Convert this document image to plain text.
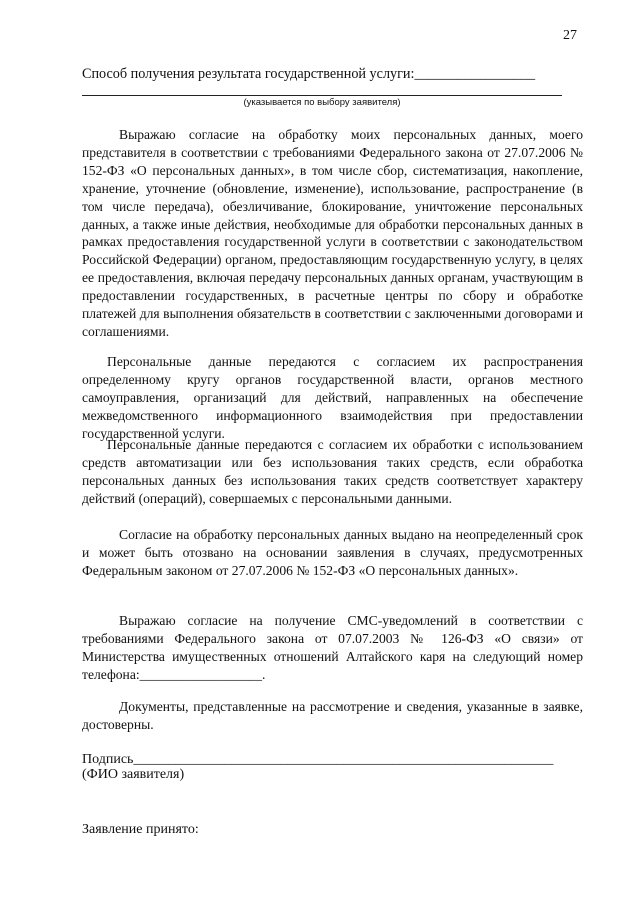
27
Способ получения результата государственной услуги:_________________
(указывается по выбору заявителя)

Выражаю согласие на обработку моих персональных данных, моего представителя в соответствии с требованиями Федерального закона от 27.07.2006 № 152-ФЗ «О персональных данных», в том числе сбор, систематизация, накопление, хранение, уточнение (обновление, изменение), использование, распространение (в том числе передача), обезличивание, блокирование, уничтожение персональных данных, а также иные действия, необходимые для обработки персональных данных в рамках предоставления государственной услуги в соответствии с законодательством Российской Федерации) органом, предоставляющим государственную услугу, в целях ее предоставления, включая передачу персональных данных органам, участвующим в предоставлении государственных, в расчетные центры по сбору и обработке платежей для выполнения обязательств в соответствии с заключенными договорами и соглашениями.

Персональные данные передаются с согласием их распространения определенному кругу органов государственной власти, органов местного самоуправления, организаций для действий, направленных на обеспечение межведомственного информационного взаимодействия при предоставлении государственной услуги.

Персональные данные передаются с согласием их обработки с использованием средств автоматизации или без использования таких средств, если обработка персональных данных без использования таких средств соответствует характеру действий (операций), совершаемых с персональными данными.

Согласие на обработку персональных данных выдано на неопределенный срок и может быть отозвано на основании заявления в случаях, предусмотренных Федеральным законом от 27.07.2006 № 152-ФЗ «О персональных данных».

Выражаю согласие на получение СМС-уведомлений в соответствии с требованиями Федерального закона от 07.07.2003 № 126-ФЗ «О связи» от Министерства имущественных отношений Алтайского каря на следующий номер телефона:__________________.

Документы, представленные на рассмотрение и сведения, указанные в заявке, достоверны.

Подпись____________________________________________________________
(ФИО заявителя)
Заявление принято:
